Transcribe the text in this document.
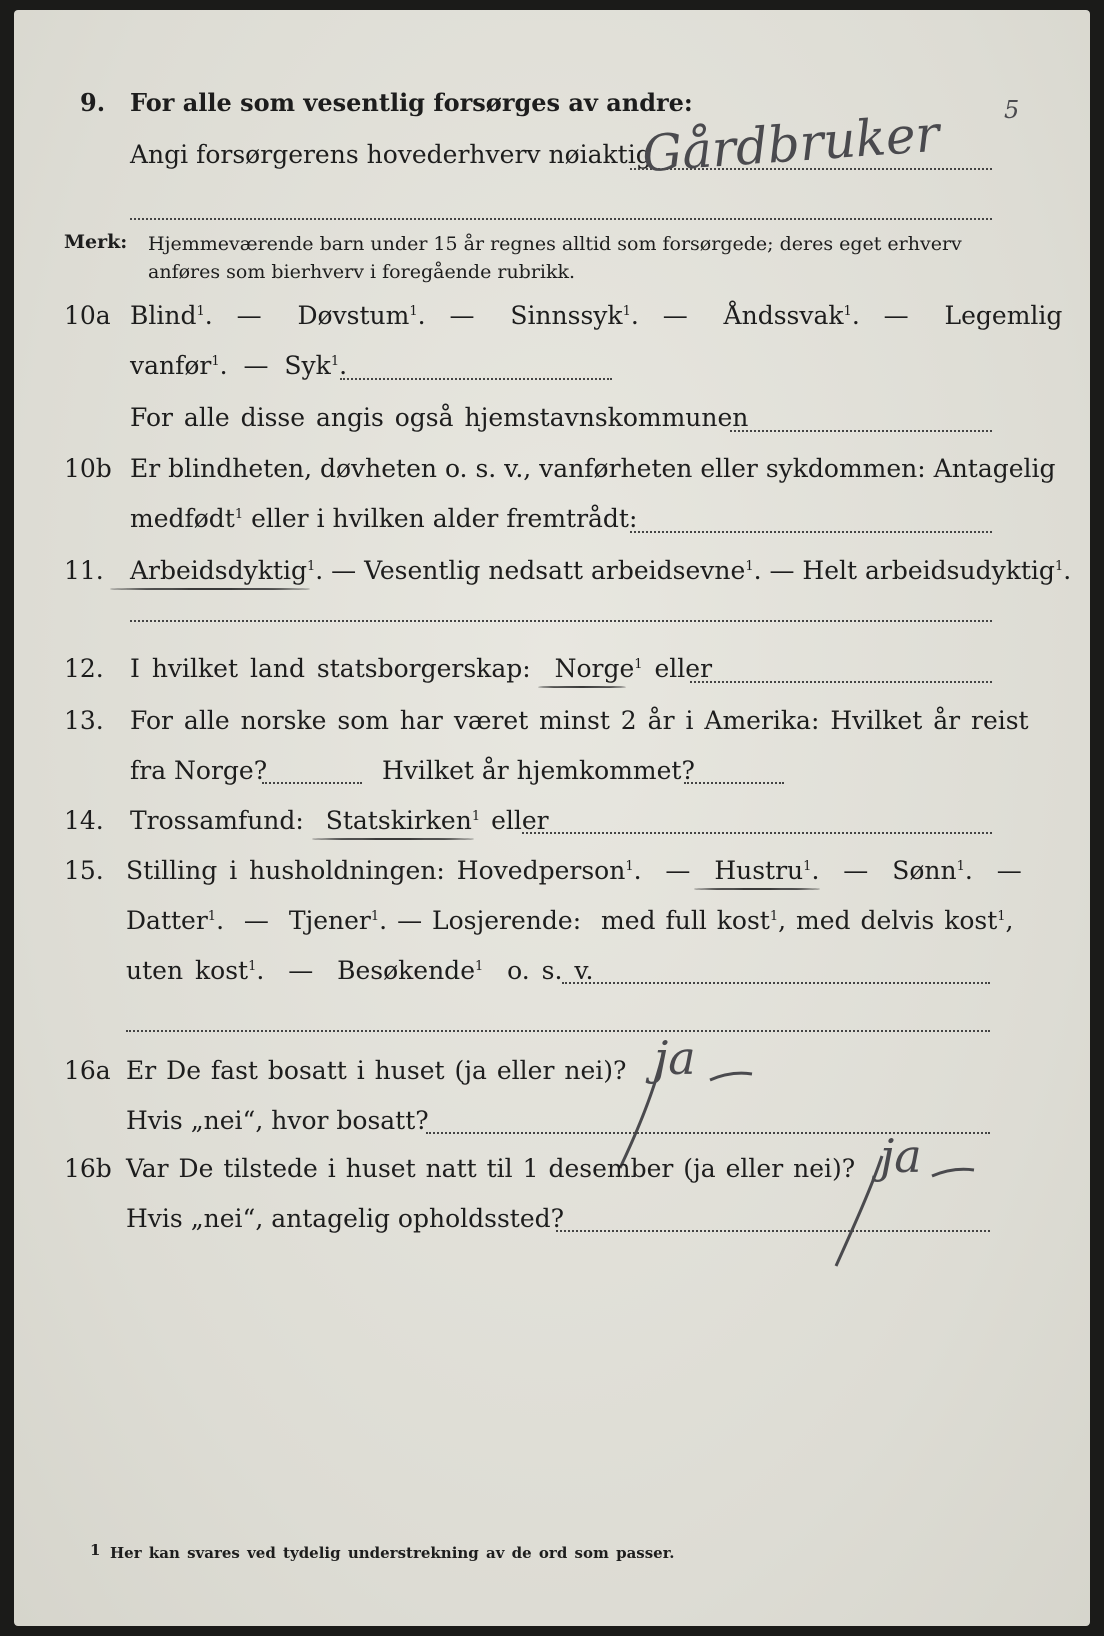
9. For alle som vesentlig forsørges av andre:
Angi forsørgerens hovederhverv nøiaktig
Gårdbruker	5
Merk: Hjemmeværende barn under 15 år regnes alltid som forsørgede; deres eget erhverv
anføres som bierhverv i foregående rubrikk.
10a Blind$^1$.  —   Døvstum$^1$.  —   Sinnssyk$^1$.  —   Åndssvak$^1$.  —   Legemlig
vanfør$^1$.  —  Syk$^1$.
For alle disse angis også hjemstavnskommunen
10b Er blindheten, døvheten o. s. v., vanførheten eller sykdommen: Antagelig
medfødt$^1$ eller i hvilken alder fremtrådt:
11. Arbeidsdyktig$^1$. — Vesentlig nedsatt arbeidsevne$^1$. — Helt arbeidsudyktig$^1$.
12. I hvilket land statsborgerskap: Norge$^1$ eller
13. For alle norske som har været minst 2 år i Amerika: Hvilket år reist
fra Norge?	Hvilket år hjemkommet?
14. Trossamfund: Statskirken$^1$ eller
15. Stilling i husholdningen: Hovedperson$^1$.  —  Hustru$^1$.  —  Sønn$^1$.  —
Datter$^1$.  —  Tjener$^1$. — Losjerende: med full kost$^1$, med delvis kost$^1$,
uten kost$^1$.  —  Besøkende$^1$ o. s. v.
16a Er De fast bosatt i huset (ja eller nei)? ja
Hvis „nei“, hvor bosatt?
16b Var De tilstede i huset natt til 1 desember (ja eller nei)? ja
Hvis „nei“, antagelig opholdssted?
1 Her kan svares ved tydelig understrekning av de ord som passer.
